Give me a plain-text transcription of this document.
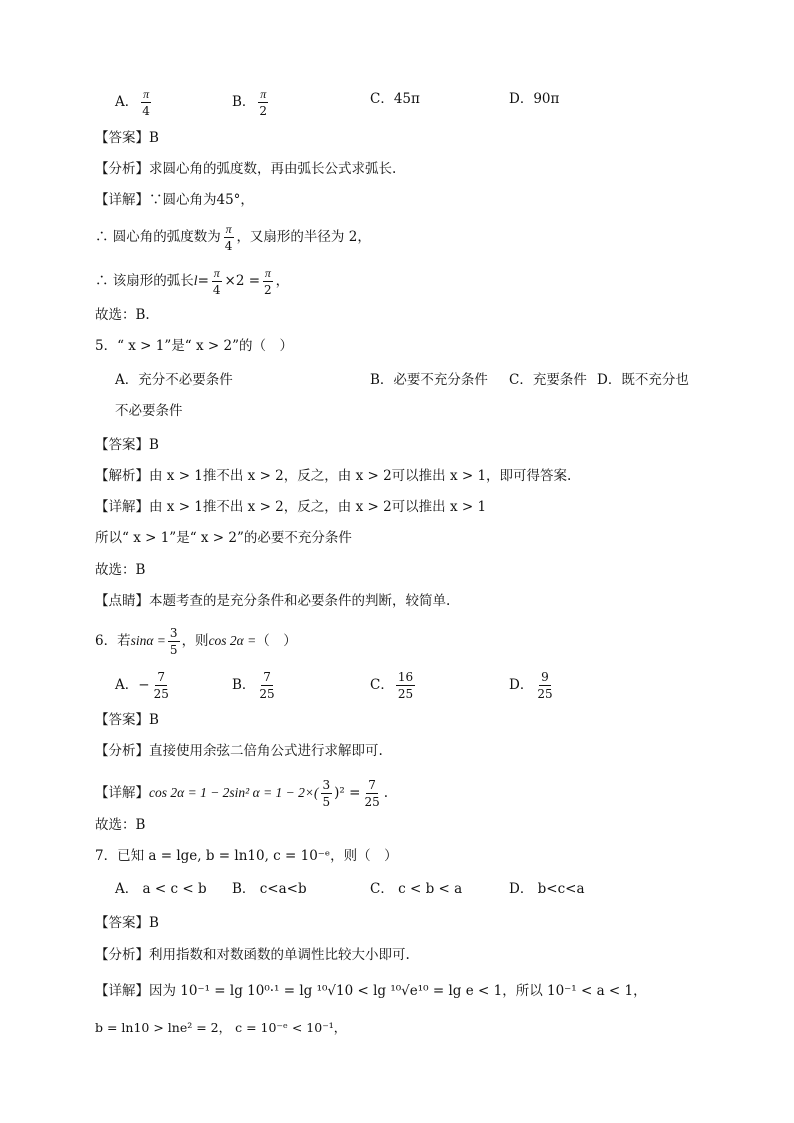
A． $\frac{\pi}{4}$	B． $\frac{\pi}{2}$	C．45π	D．90π
【答案】B
【分析】求圆心角的弧度数，再由弧长公式求弧长.
【详解】∵圆心角为45°，
∴ 圆心角的弧度数为 $\frac{\pi}{4}$ ，又扇形的半径为 2，
∴ 该扇形的弧长$l= \frac{\pi}{4} \times 2 = \frac{\pi}{2}$ ，
故选：B.
5．“ x > 1”是“ x > 2”的（　）
A．充分不必要条件	B．必要不充分条件 C．充要条件 D．既不充分也
不必要条件
【答案】B
【解析】由 x > 1推不出 x > 2，反之，由 x > 2可以推出 x > 1，即可得答案.
【详解】由 x > 1推不出 x > 2，反之，由 x > 2可以推出 x > 1
所以“ x > 1”是“ x > 2”的必要不充分条件
故选：B
【点睛】本题考查的是充分条件和必要条件的判断，较简单.
6．若$\sin\alpha = \frac{3}{5}$ ，则cos 2α =（　）
A．− $\frac{7}{25}$	B． $\frac{7}{25}$	C． $\frac{16}{25}$	D． $\frac{9}{25}$
【答案】B
【分析】直接使用余弦二倍角公式进行求解即可.
【详解】cos 2α = 1 − 2sin² $\alpha = 1 - 2\times( \frac{3}{5} )^2 = \frac{7}{25}$ .
故选：B
7．已知 a = lge, b = ln10, c = 10⁻ᵉ，则（　）
A． a < c < b B． c<a<b	C． c < b < a	D． b<c<a
【答案】B
【分析】利用指数和对数函数的单调性比较大小即可.
【详解】因为 10⁻¹ = lg 10⁰·¹ = lg ¹⁰√10 < lg ¹⁰√e¹⁰ = lg e < 1，所以 10⁻¹ < a < 1，
b = ln10 > lne² = 2， c = 10⁻ᵉ < 10⁻¹，
